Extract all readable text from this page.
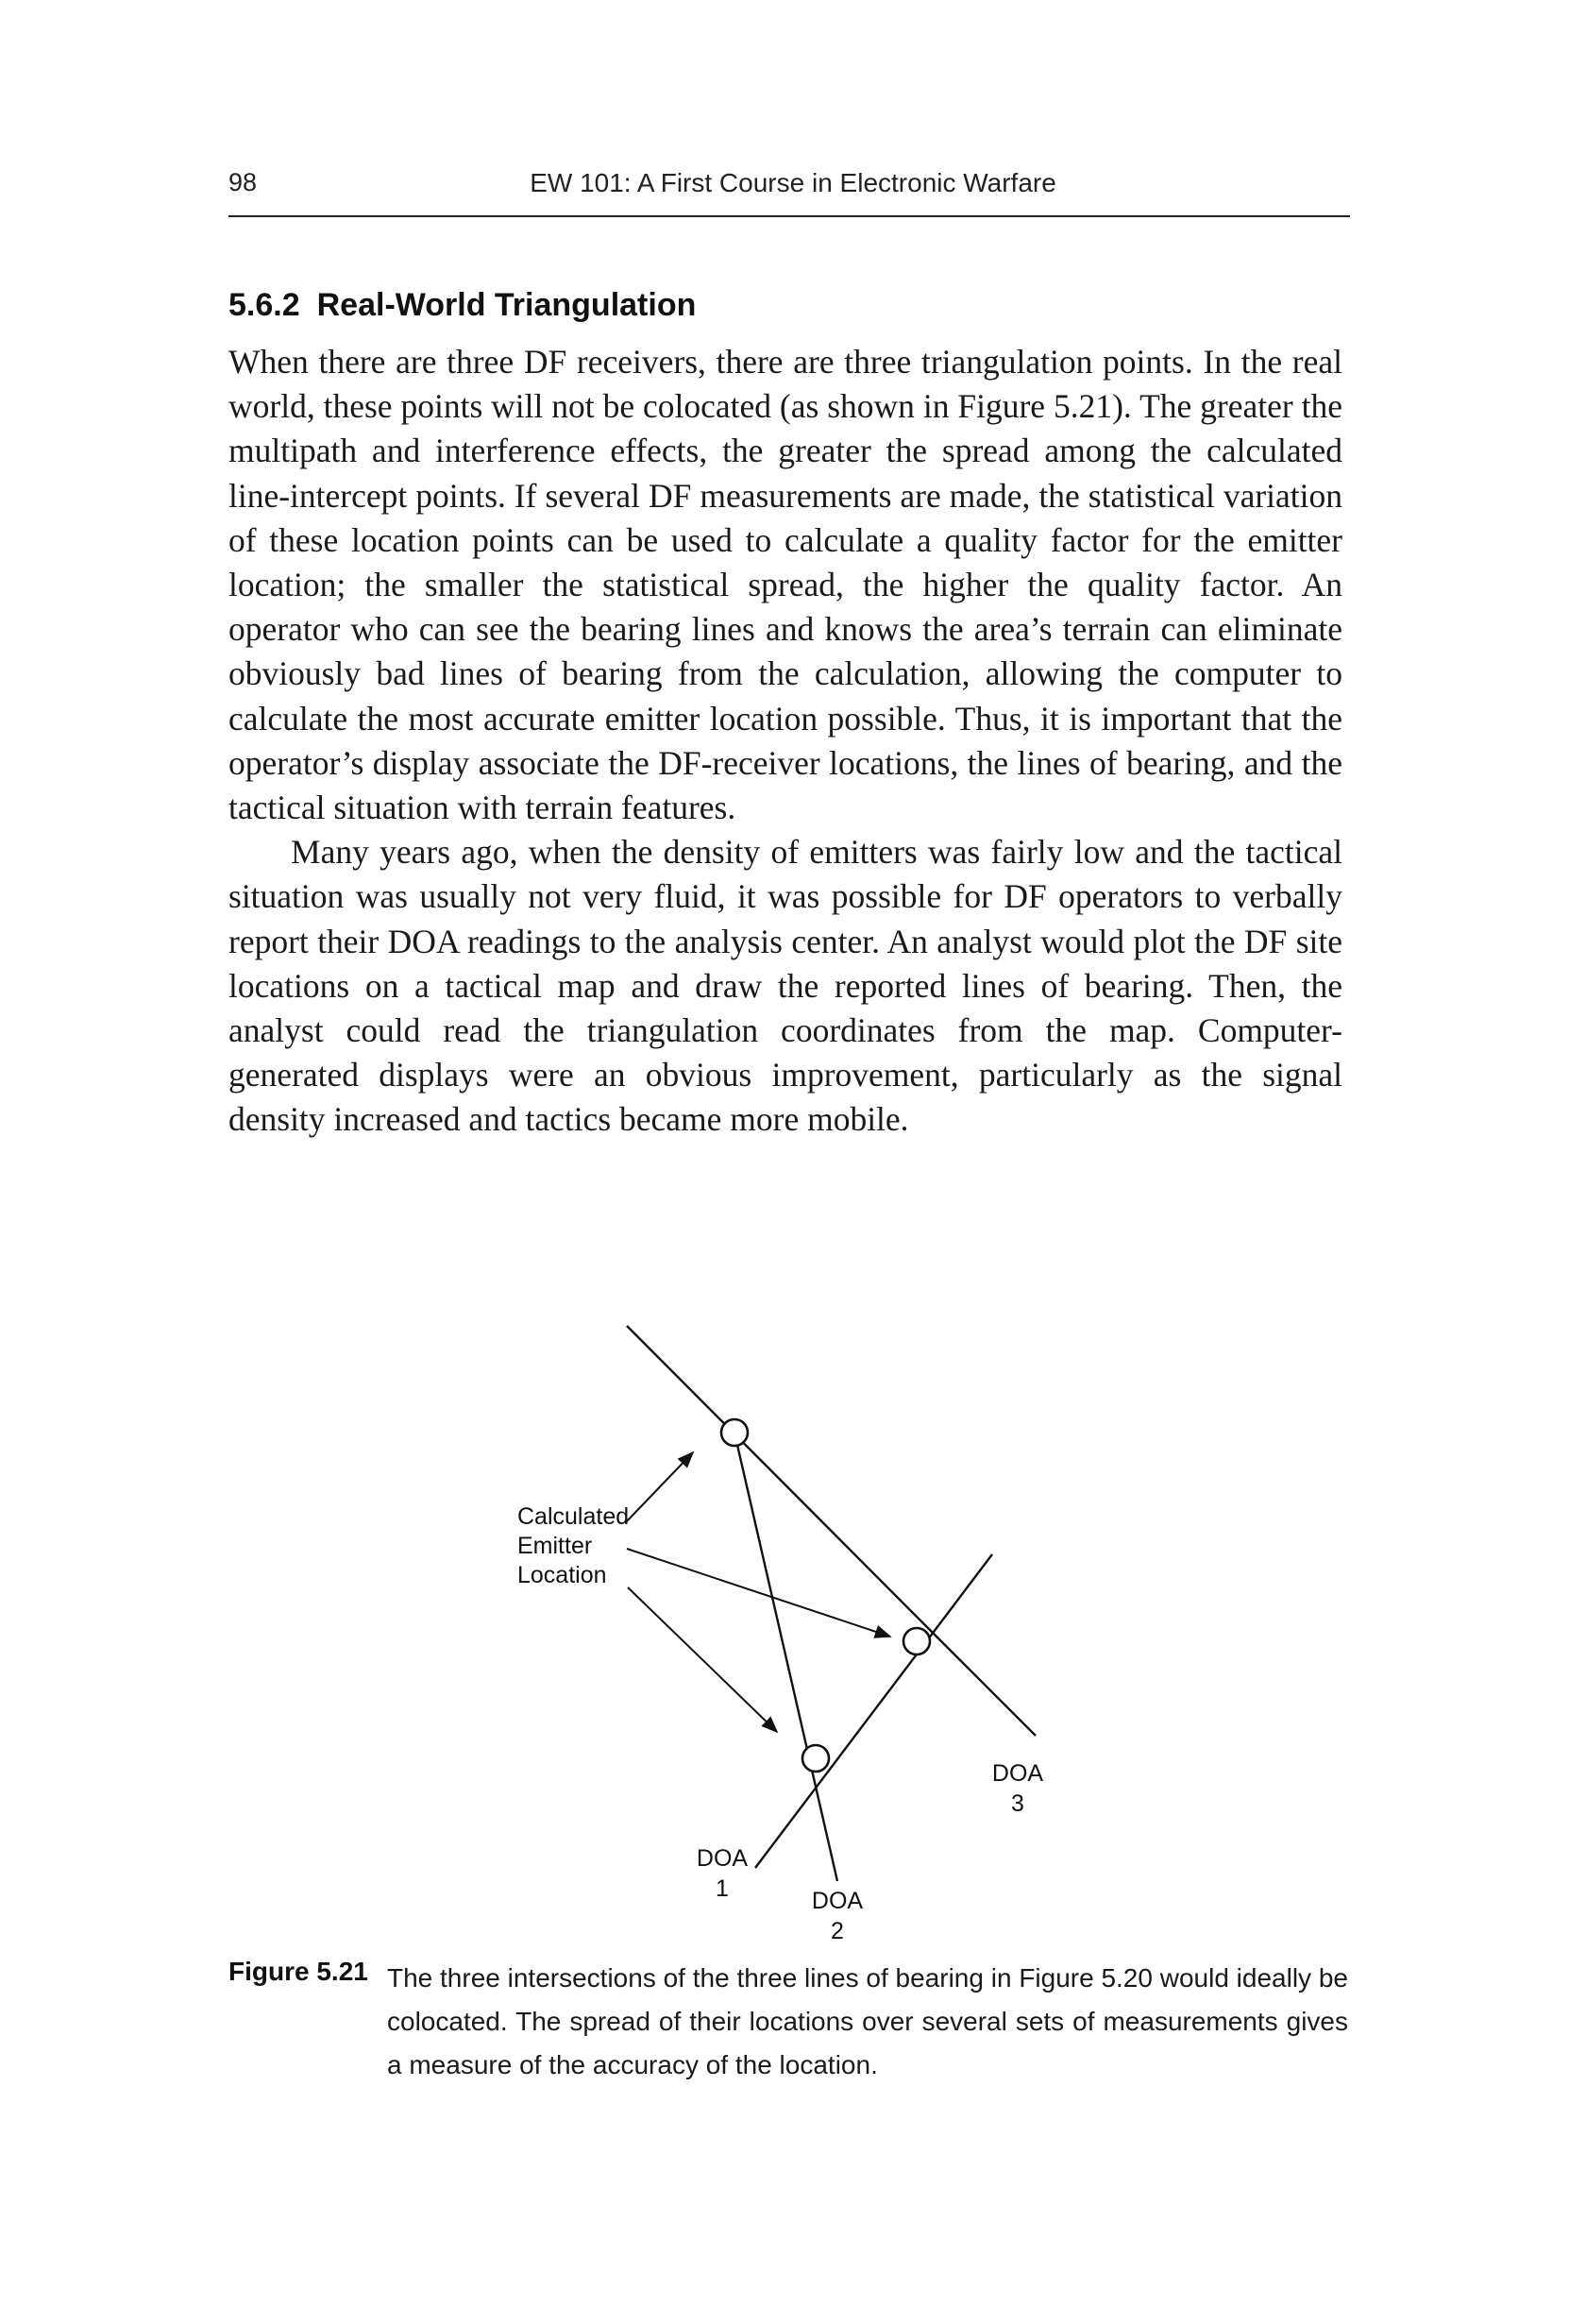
98	EW 101: A First Course in Electronic Warfare
5.6.2 Real-World Triangulation

When there are three DF receivers, there are three triangulation points. In the real world, these points will not be colocated (as shown in Figure 5.21). The greater the multipath and interference effects, the greater the spread among the calculated line-intercept points. If several DF measurements are made, the statistical variation of these location points can be used to calculate a quality factor for the emitter location; the smaller the statistical spread, the higher the quality factor. An operator who can see the bearing lines and knows the area’s terrain can eliminate obviously bad lines of bearing from the calculation, allowing the computer to calculate the most accurate emitter location possible. Thus, it is important that the operator’s display associate the DF-receiver locations, the lines of bearing, and the tactical situation with terrain features.

Many years ago, when the density of emitters was fairly low and the tactical situation was usually not very fluid, it was possible for DF operators to verbally report their DOA readings to the analysis center. An analyst would plot the DF site locations on a tactical map and draw the reported lines of bearing. Then, the analyst could read the triangulation coordinates from the map. Computer-generated displays were an obvious improvement, particularly as the signal density increased and tactics became more mobile.

Calculated
Emitter
Location
DOA
1	DOA
2
DOA
3
Figure 5.21 The three intersections of the three lines of bearing in Figure 5.20 would ideally be colocated. The spread of their locations over several sets of measurements gives a measure of the accuracy of the location.
